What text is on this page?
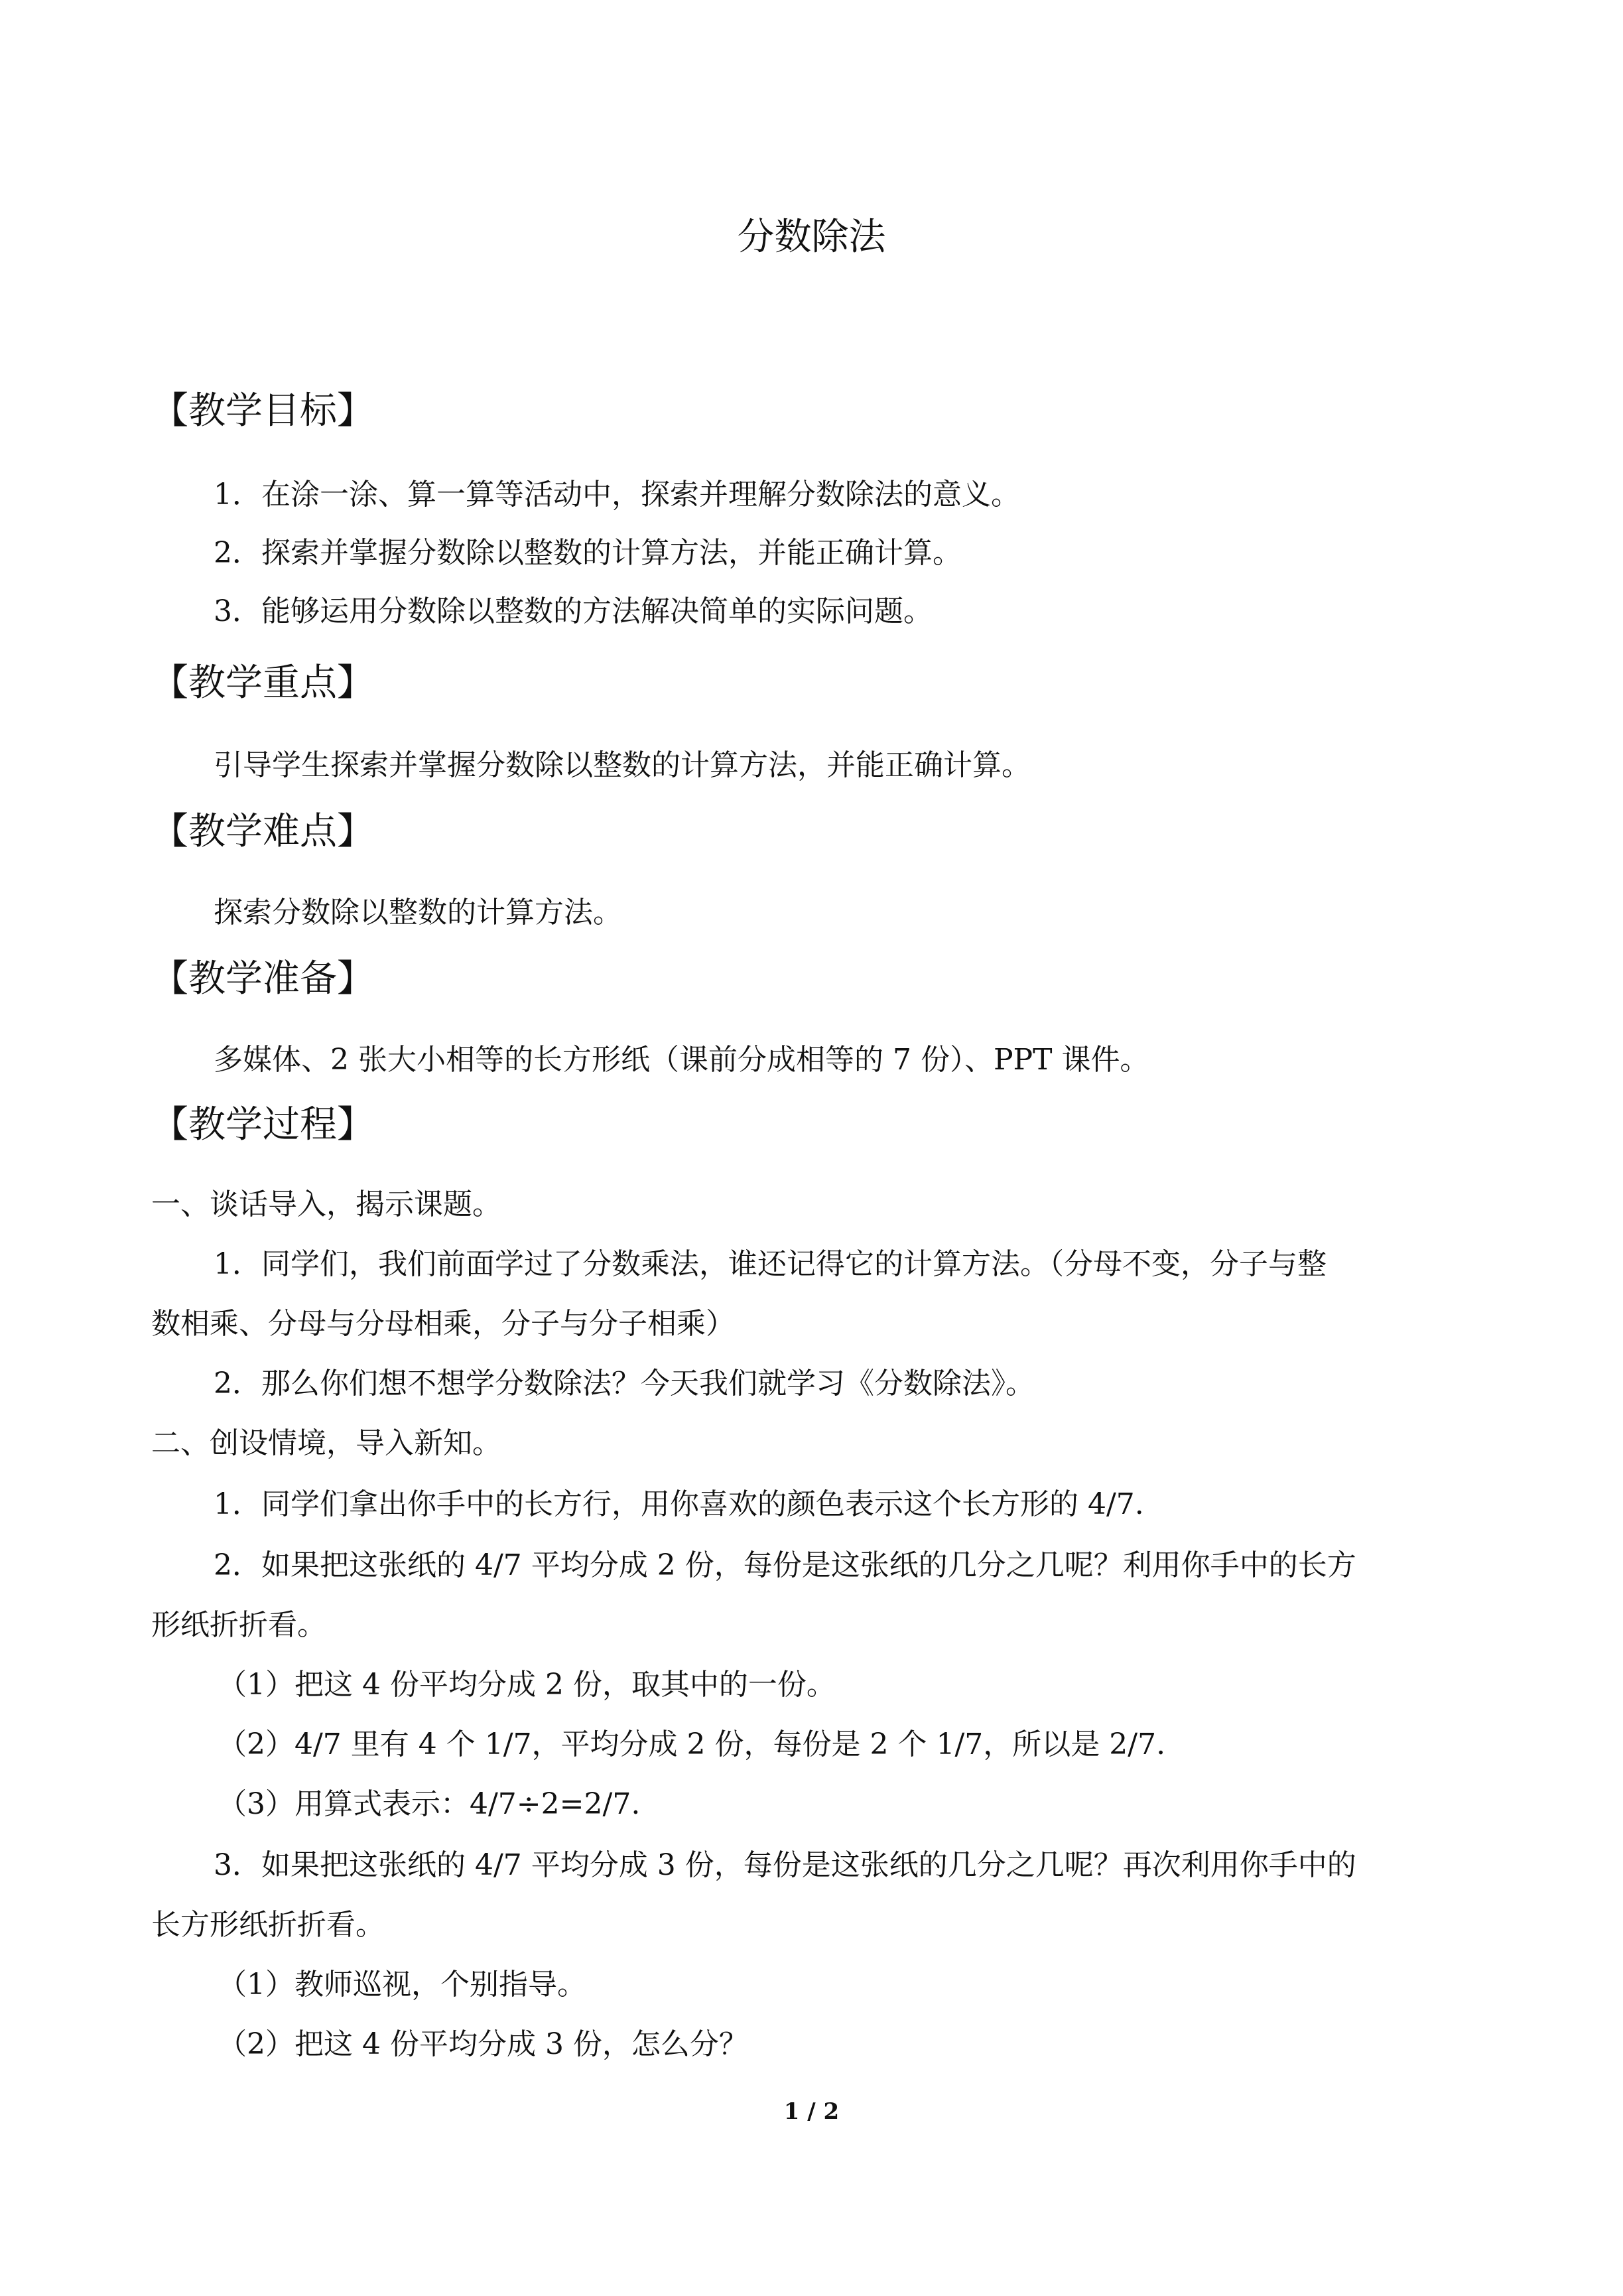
分数除法
【教学目标】

1．在涂一涂、算一算等活动中，探索并理解分数除法的意义。

2．探索并掌握分数除以整数的计算方法，并能正确计算。

3．能够运用分数除以整数的方法解决简单的实际问题。

【教学重点】

引导学生探索并掌握分数除以整数的计算方法，并能正确计算。

【教学难点】

探索分数除以整数的计算方法。

【教学准备】

多媒体、2 张大小相等的长方形纸（课前分成相等的 7 份）、PPT 课件。

【教学过程】

一、谈话导入，揭示课题。

1．同学们，我们前面学过了分数乘法，谁还记得它的计算方法。（分母不变，分子与整

数相乘、分母与分母相乘，分子与分子相乘）

2．那么你们想不想学分数除法？今天我们就学习《分数除法》。

二、创设情境，导入新知。

1．同学们拿出你手中的长方行，用你喜欢的颜色表示这个长方形的 4/7.

2．如果把这张纸的 4/7 平均分成 2 份，每份是这张纸的几分之几呢？利用你手中的长方

形纸折折看。

（1）把这 4 份平均分成 2 份，取其中的一份。

（2）4/7 里有 4 个 1/7，平均分成 2 份，每份是 2 个 1/7，所以是 2/7.

（3）用算式表示：4/7÷2=2/7.

3．如果把这张纸的 4/7 平均分成 3 份，每份是这张纸的几分之几呢？再次利用你手中的

长方形纸折折看。

（1）教师巡视，个别指导。

（2）把这 4 份平均分成 3 份，怎么分？

1 / 2
